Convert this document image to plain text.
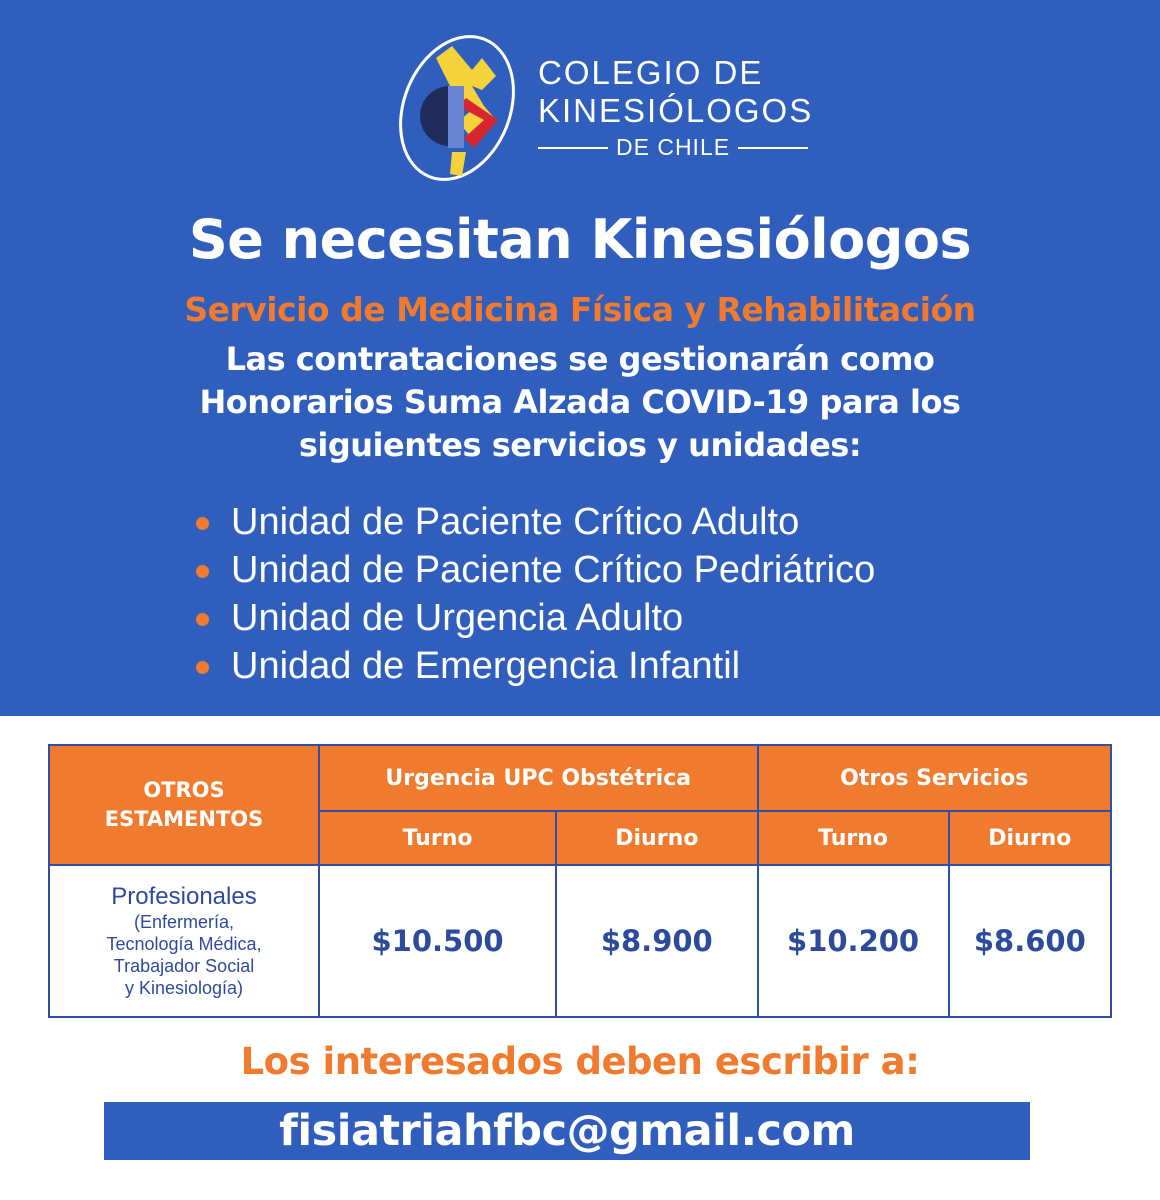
COLEGIO DE
KINESIÓLOGOS
DE CHILE
Se necesitan Kinesiólogos
Servicio de Medicina Física y Rehabilitación
Las contrataciones se gestionarán como
Honorarios Suma Alzada COVID-19 para los
siguientes servicios y unidades:
Unidad de Paciente Crítico Adulto
Unidad de Paciente Crítico Pedriátrico
Unidad de Urgencia Adulto
Unidad de Emergencia Infantil
OTROS
ESTAMENTOS	Urgencia UPC Obstétrica		Otros Servicios	
	Turno	Diurno	Turno	Diurno

Profesionales
(Enfermería,
Tecnología Médica,
Trabajador Social
y Kinesiología)	$10.500	$8.900	$10.200	$8.600
Los interesados deben escribir a:
fisiatriahfbc@gmail.com
